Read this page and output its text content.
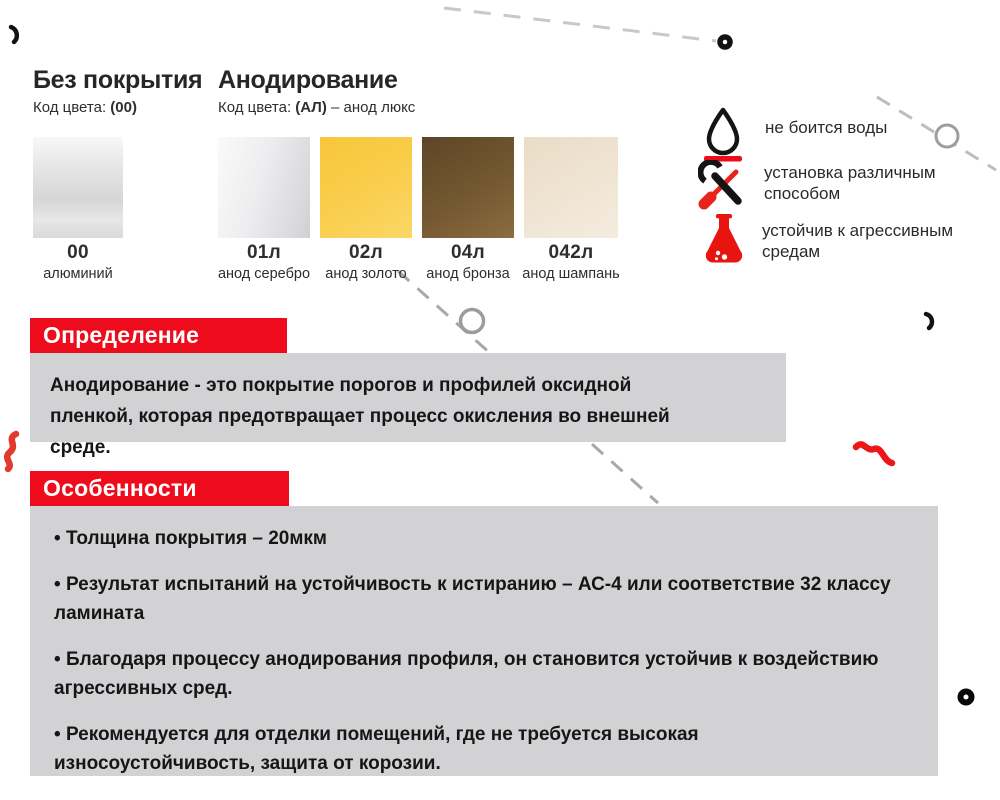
Без покрытия
Код цвета: (00)
Анодирование
Код цвета: (АЛ) – анод люкс
00
алюминий
01л
анод серебро
02л
анод золото
04л
анод бронза
042л
анод шампань
не боится воды
установка различным способом
устойчив к агрессивным средам
Определение

Анодирование - это покрытие порогов и профилей оксидной пленкой, которая предотвращает процесс окисления во внешней среде.

Особенности
• Толщина покрытия – 20мкм
• Результат испытаний на устойчивость к истиранию – АС-4 или соответствие 32 классу ламината
• Благодаря процессу анодирования профиля, он становится устойчив к воздействию агрессивных сред.
• Рекомендуется для отделки помещений, где не требуется высокая износоустойчивость, защита от корозии.
